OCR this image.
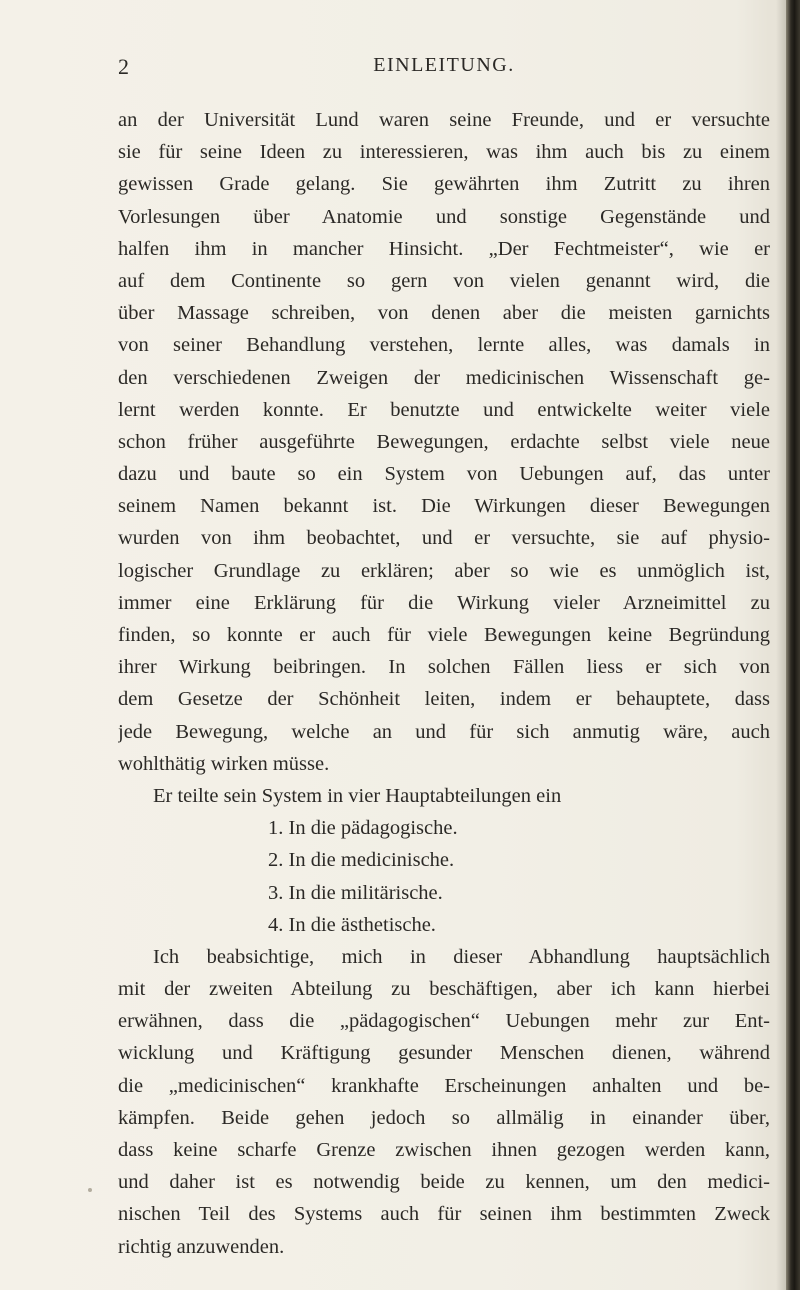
2	EINLEITUNG.
an der Universität Lund waren seine Freunde, und er versuchte
sie für seine Ideen zu interessieren, was ihm auch bis zu einem
gewissen Grade gelang. Sie gewährten ihm Zutritt zu ihren
Vorlesungen über Anatomie und sonstige Gegenstände und
halfen ihm in mancher Hinsicht. „Der Fechtmeister“, wie er
auf dem Continente so gern von vielen genannt wird, die
über Massage schreiben, von denen aber die meisten garnichts
von seiner Behandlung verstehen, lernte alles, was damals in
den verschiedenen Zweigen der medicinischen Wissenschaft ge-
lernt werden konnte. Er benutzte und entwickelte weiter viele
schon früher ausgeführte Bewegungen, erdachte selbst viele neue
dazu und baute so ein System von Uebungen auf, das unter
seinem Namen bekannt ist. Die Wirkungen dieser Bewegungen
wurden von ihm beobachtet, und er versuchte, sie auf physio-
logischer Grundlage zu erklären; aber so wie es unmöglich ist,
immer eine Erklärung für die Wirkung vieler Arzneimittel zu
finden, so konnte er auch für viele Bewegungen keine Begründung
ihrer Wirkung beibringen. In solchen Fällen liess er sich von
dem Gesetze der Schönheit leiten, indem er behauptete, dass
jede Bewegung, welche an und für sich anmutig wäre, auch
wohlthätig wirken müsse.
Er teilte sein System in vier Hauptabteilungen ein
1. In die pädagogische.
2. In die medicinische.
3. In die militärische.
4. In die ästhetische.
Ich beabsichtige, mich in dieser Abhandlung hauptsächlich
mit der zweiten Abteilung zu beschäftigen, aber ich kann hierbei
erwähnen, dass die „pädagogischen“ Uebungen mehr zur Ent-
wicklung und Kräftigung gesunder Menschen dienen, während
die „medicinischen“ krankhafte Erscheinungen anhalten und be-
kämpfen. Beide gehen jedoch so allmälig in einander über,
dass keine scharfe Grenze zwischen ihnen gezogen werden kann,
und daher ist es notwendig beide zu kennen, um den medici-
nischen Teil des Systems auch für seinen ihm bestimmten Zweck
richtig anzuwenden.
